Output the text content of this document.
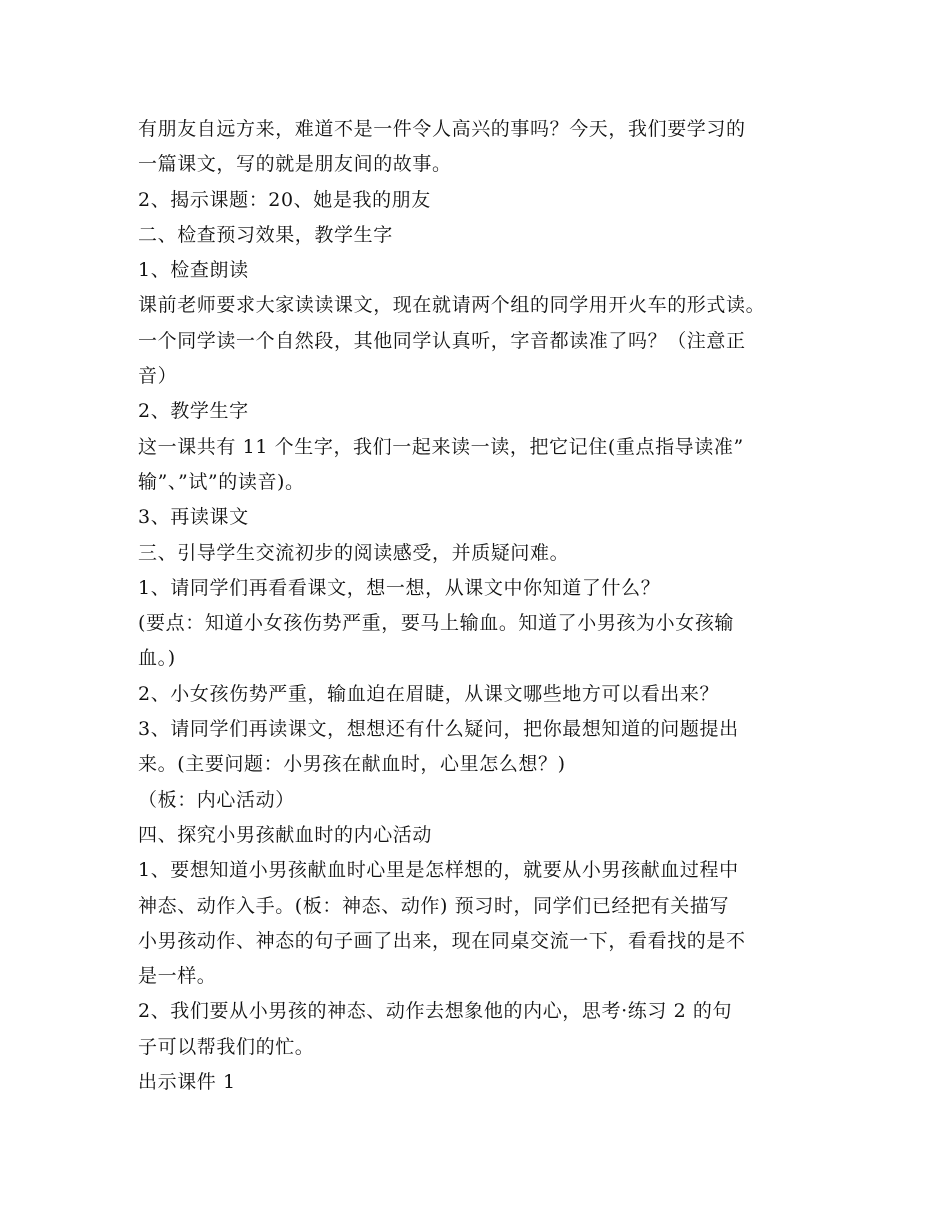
有朋友自远方来，难道不是一件令人高兴的事吗？今天，我们要学习的
一篇课文，写的就是朋友间的故事。
2、揭示课题：20、她是我的朋友
二、检查预习效果，教学生字
1、检查朗读
课前老师要求大家读读课文，现在就请两个组的同学用开火车的形式读。
一个同学读一个自然段，其他同学认真听，字音都读准了吗？（注意正
音）
2、教学生字
这一课共有 11 个生字，我们一起来读一读，把它记住(重点指导读准”
输”、”试”的读音)。
3、再读课文
三、引导学生交流初步的阅读感受，并质疑问难。
1、请同学们再看看课文，想一想，从课文中你知道了什么？
(要点：知道小女孩伤势严重，要马上输血。知道了小男孩为小女孩输
血。)
2、小女孩伤势严重，输血迫在眉睫，从课文哪些地方可以看出来？
3、请同学们再读课文，想想还有什么疑问，把你最想知道的问题提出
来。(主要问题：小男孩在献血时，心里怎么想？)
（板：内心活动）
四、探究小男孩献血时的内心活动
1、要想知道小男孩献血时心里是怎样想的，就要从小男孩献血过程中
神态、动作入手。(板：神态、动作) 预习时，同学们已经把有关描写
小男孩动作、神态的句子画了出来，现在同桌交流一下，看看找的是不
是一样。
2、我们要从小男孩的神态、动作去想象他的内心，思考·练习 2 的句
子可以帮我们的忙。
出示课件 1
